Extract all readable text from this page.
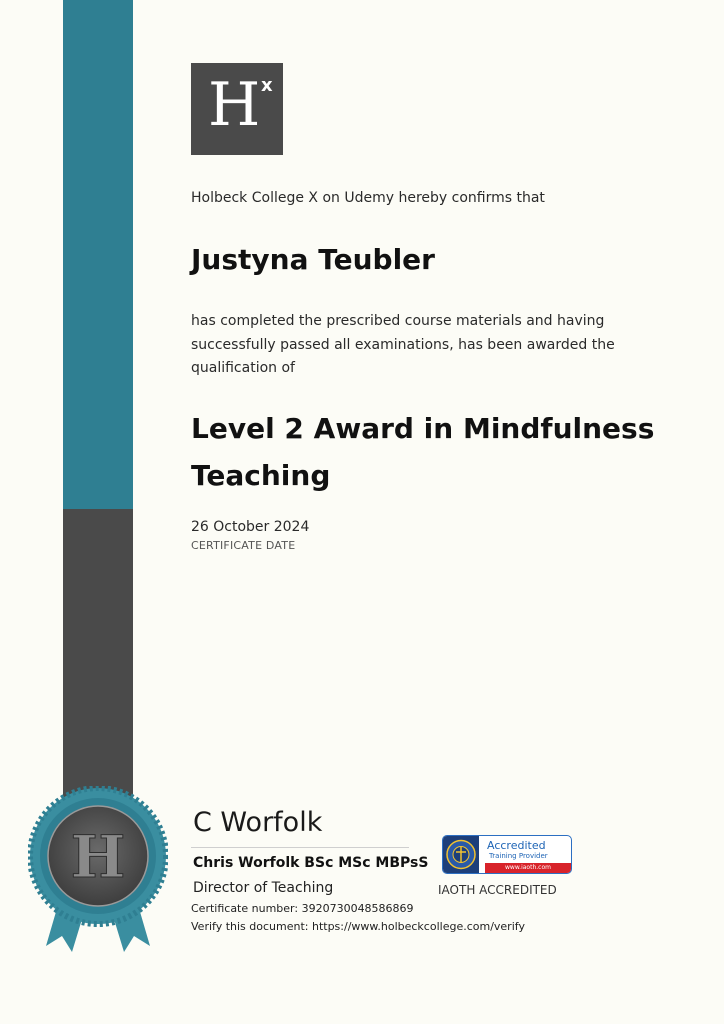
H x
Holbeck College X on Udemy hereby confirms that
Justyna Teubler
has completed the prescribed course materials and having successfully passed all examinations, has been awarded the qualification of
Level 2 Award in Mindfulness Teaching
26 October 2024
CERTIFICATE DATE
H
C Worfolk
Chris Worfolk BSc MSc MBPsS
Director of Teaching
Certificate number: 3920730048586869
Verify this document: https://www.holbeckcollege.com/verify
Accredited
Training Provider
www.iaoth.com
IAOTH ACCREDITED
